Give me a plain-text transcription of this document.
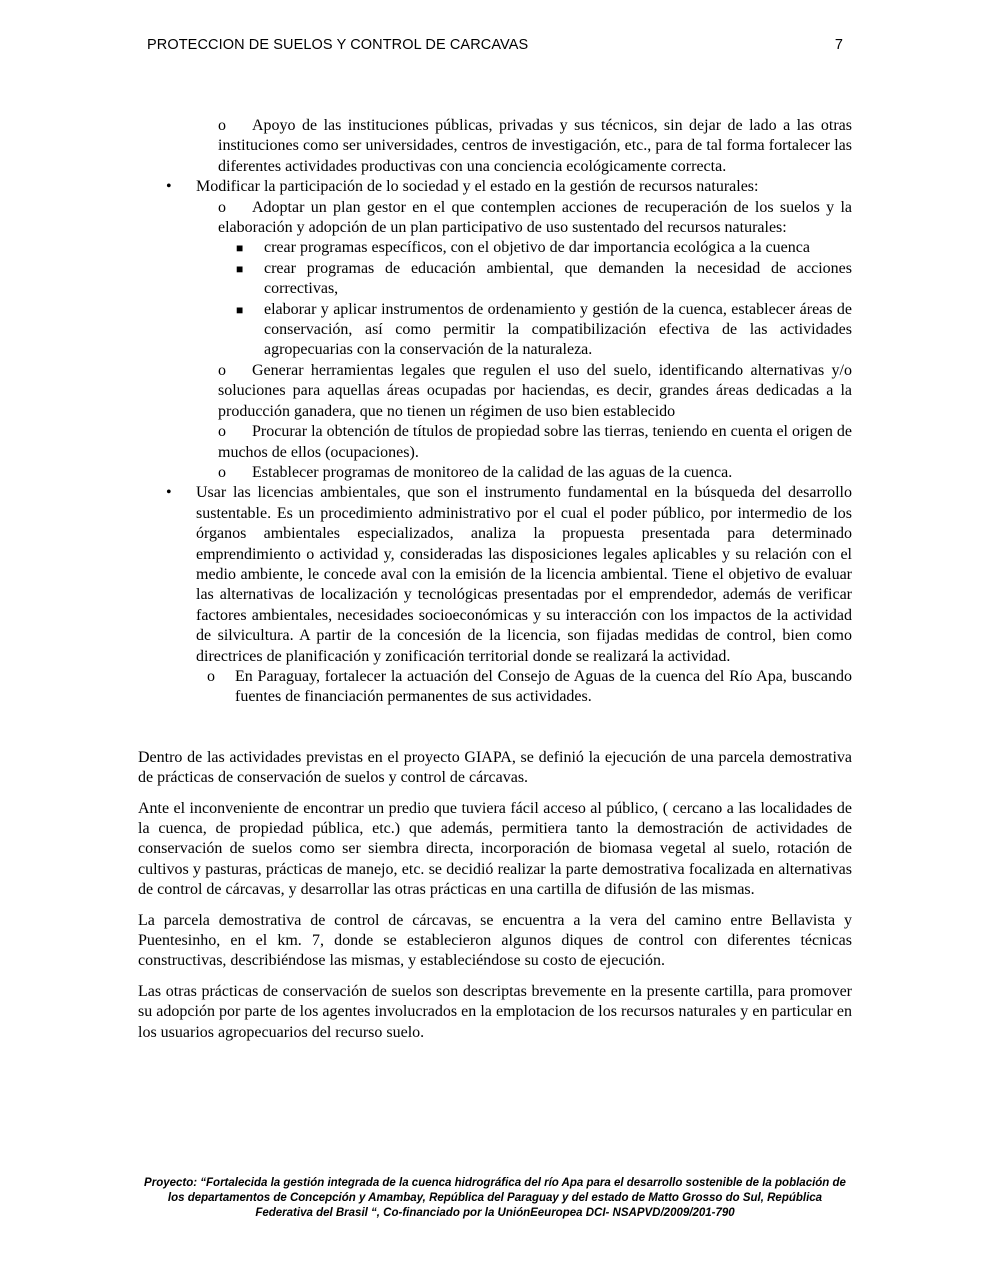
PROTECCION DE SUELOS Y CONTROL DE CARCAVAS	7

o	Apoyo de las instituciones públicas, privadas y sus técnicos, sin dejar de lado a las otras instituciones como ser universidades, centros de investigación, etc., para de tal forma fortalecer las diferentes actividades productivas con una conciencia ecológicamente correcta.

• Modificar la participación de lo sociedad y el estado en la gestión de recursos naturales:

o	Adoptar un plan gestor en el que contemplen acciones de recuperación de los suelos y la elaboración y adopción de un plan participativo de uso sustentado del recursos naturales:

■ crear programas específicos, con el objetivo de dar importancia ecológica a la cuenca

■ crear programas de educación ambiental, que demanden la necesidad de acciones correctivas,

■ elaborar y aplicar instrumentos de ordenamiento y gestión de la cuenca, establecer áreas de conservación, así como permitir la compatibilización efectiva de las actividades agropecuarias con la conservación de la naturaleza.

o	Generar herramientas legales que regulen el uso del suelo, identificando alternativas y/o soluciones para aquellas áreas ocupadas por haciendas, es decir, grandes áreas dedicadas a la producción ganadera, que no tienen un régimen de uso bien establecido

o	Procurar la obtención de títulos de propiedad sobre las tierras, teniendo en cuenta el origen de muchos de ellos (ocupaciones).

o	Establecer programas de monitoreo de la calidad de las aguas de la cuenca.

• Usar las licencias ambientales, que son el instrumento fundamental en la búsqueda del desarrollo sustentable. Es un procedimiento administrativo por el cual el poder público, por intermedio de los órganos ambientales especializados, analiza la propuesta presentada para determinado emprendimiento o actividad y, consideradas las disposiciones legales aplicables y su relación con el medio ambiente, le concede aval con la emisión de la licencia ambiental. Tiene el objetivo de evaluar las alternativas de localización y tecnológicas presentadas por el emprendedor, además de verificar factores ambientales, necesidades socioeconómicas y su interacción con los impactos de la actividad de silvicultura. A partir de la concesión de la licencia, son fijadas medidas de control, bien como directrices de planificación y zonificación territorial donde se realizará la actividad.

o En Paraguay, fortalecer la actuación del Consejo de Aguas de la cuenca del Río Apa, buscando fuentes de financiación permanentes de sus actividades.

Dentro de las actividades previstas en el proyecto GIAPA, se definió la ejecución de una parcela demostrativa de prácticas de conservación de suelos y control de cárcavas.

Ante el inconveniente de encontrar un predio que tuviera fácil acceso al público, ( cercano a las localidades de la cuenca, de propiedad pública, etc.) que además, permitiera tanto la demostración de actividades de conservación de suelos como ser siembra directa, incorporación de biomasa vegetal al suelo, rotación de cultivos y pasturas, prácticas de manejo, etc. se decidió realizar la parte demostrativa focalizada en alternativas de control de cárcavas, y desarrollar las otras prácticas en una cartilla de difusión de las mismas.

La parcela demostrativa de control de cárcavas, se encuentra a la vera del camino entre Bellavista y Puentesinho, en el km. 7, donde se establecieron algunos diques de control con diferentes técnicas constructivas, describiéndose las mismas, y estableciéndose su costo de ejecución.

Las otras prácticas de conservación de suelos son descriptas brevemente en la presente cartilla, para promover su adopción por parte de los agentes involucrados en la emplotacion de los recursos naturales y en particular en los usuarios agropecuarios del recurso suelo.

Proyecto: “Fortalecida la gestión integrada de la cuenca hidrográfica del río Apa para el desarrollo sostenible de la población de los departamentos de Concepción y Amambay, República del Paraguay y del estado de Matto Grosso do Sul, República Federativa del Brasil “, Co-financiado por la UniónEeuropea DCI- NSAPVD/2009/201-790
